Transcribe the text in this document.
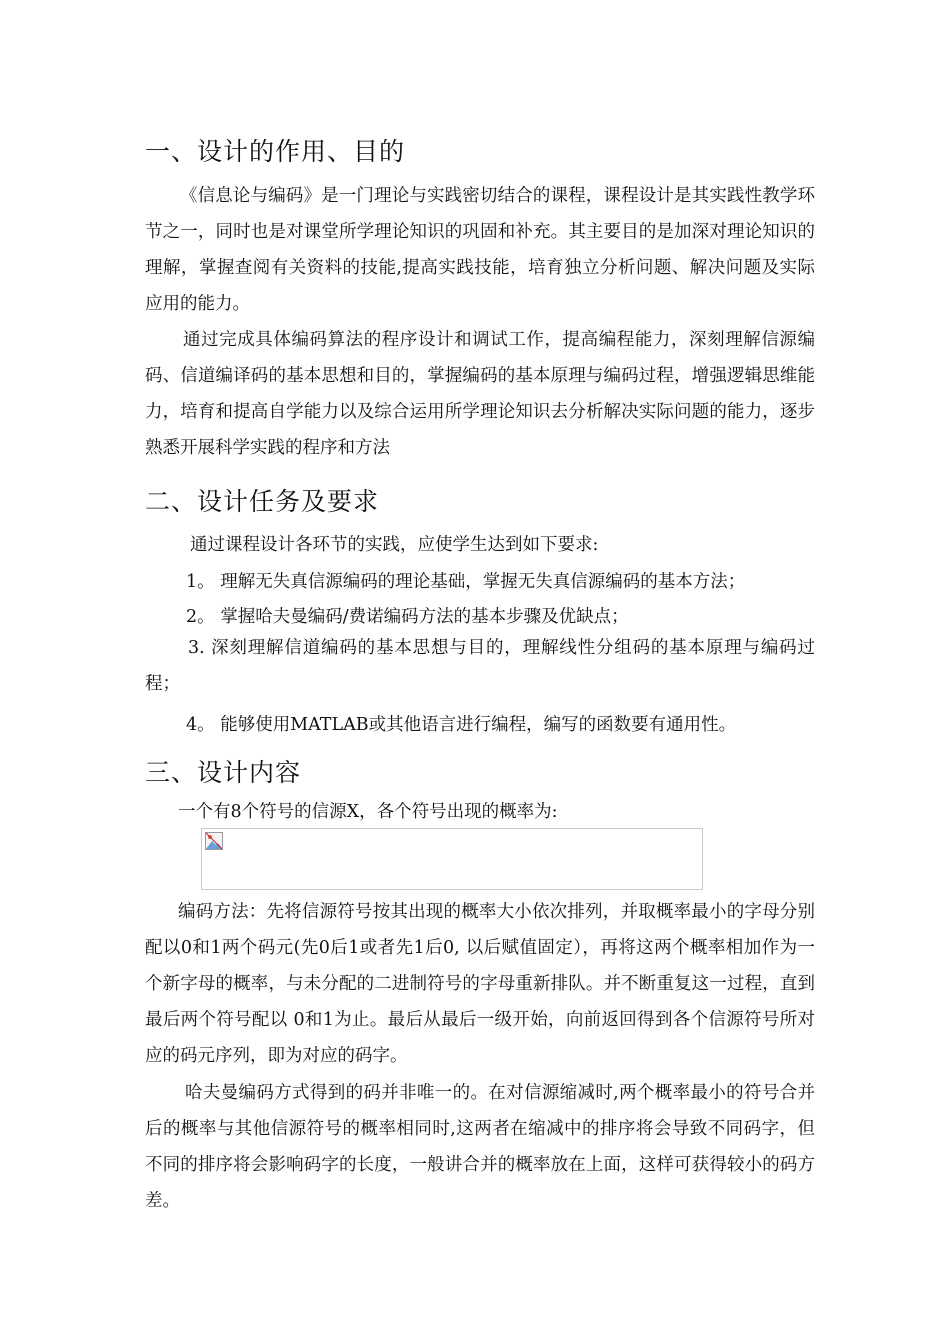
一、设计的作用、目的

《信息论与编码》是一门理论与实践密切结合的课程，课程设计是其实践性教学环节之一，同时也是对课堂所学理论知识的巩固和补充。其主要目的是加深对理论知识的理解，掌握查阅有关资料的技能,提高实践技能，培育独立分析问题、解决问题及实际应用的能力。

通过完成具体编码算法的程序设计和调试工作，提高编程能力，深刻理解信源编码、信道编译码的基本思想和目的，掌握编码的基本原理与编码过程，增强逻辑思维能力，培育和提高自学能力以及综合运用所学理论知识去分析解决实际问题的能力，逐步熟悉开展科学实践的程序和方法

二、设计任务及要求

通过课程设计各环节的实践，应使学生达到如下要求:

1。 理解无失真信源编码的理论基础，掌握无失真信源编码的基本方法；

2。 掌握哈夫曼编码/费诺编码方法的基本步骤及优缺点；

3. 深刻理解信道编码的基本思想与目的，理解线性分组码的基本原理与编码过程；

4。 能够使用MATLAB或其他语言进行编程，编写的函数要有通用性。

三、设计内容

一个有8个符号的信源X，各个符号出现的概率为:

编码方法：先将信源符号按其出现的概率大小依次排列，并取概率最小的字母分别配以0和1两个码元(先0后1或者先1后0, 以后赋值固定），再将这两个概率相加作为一个新字母的概率，与未分配的二进制符号的字母重新排队。并不断重复这一过程，直到最后两个符号配以 0和1为止。最后从最后一级开始，向前返回得到各个信源符号所对应的码元序列，即为对应的码字。

哈夫曼编码方式得到的码并非唯一的。在对信源缩减时,两个概率最小的符号合并后的概率与其他信源符号的概率相同时,这两者在缩减中的排序将会导致不同码字，但不同的排序将会影响码字的长度，一般讲合并的概率放在上面，这样可获得较小的码方差。
